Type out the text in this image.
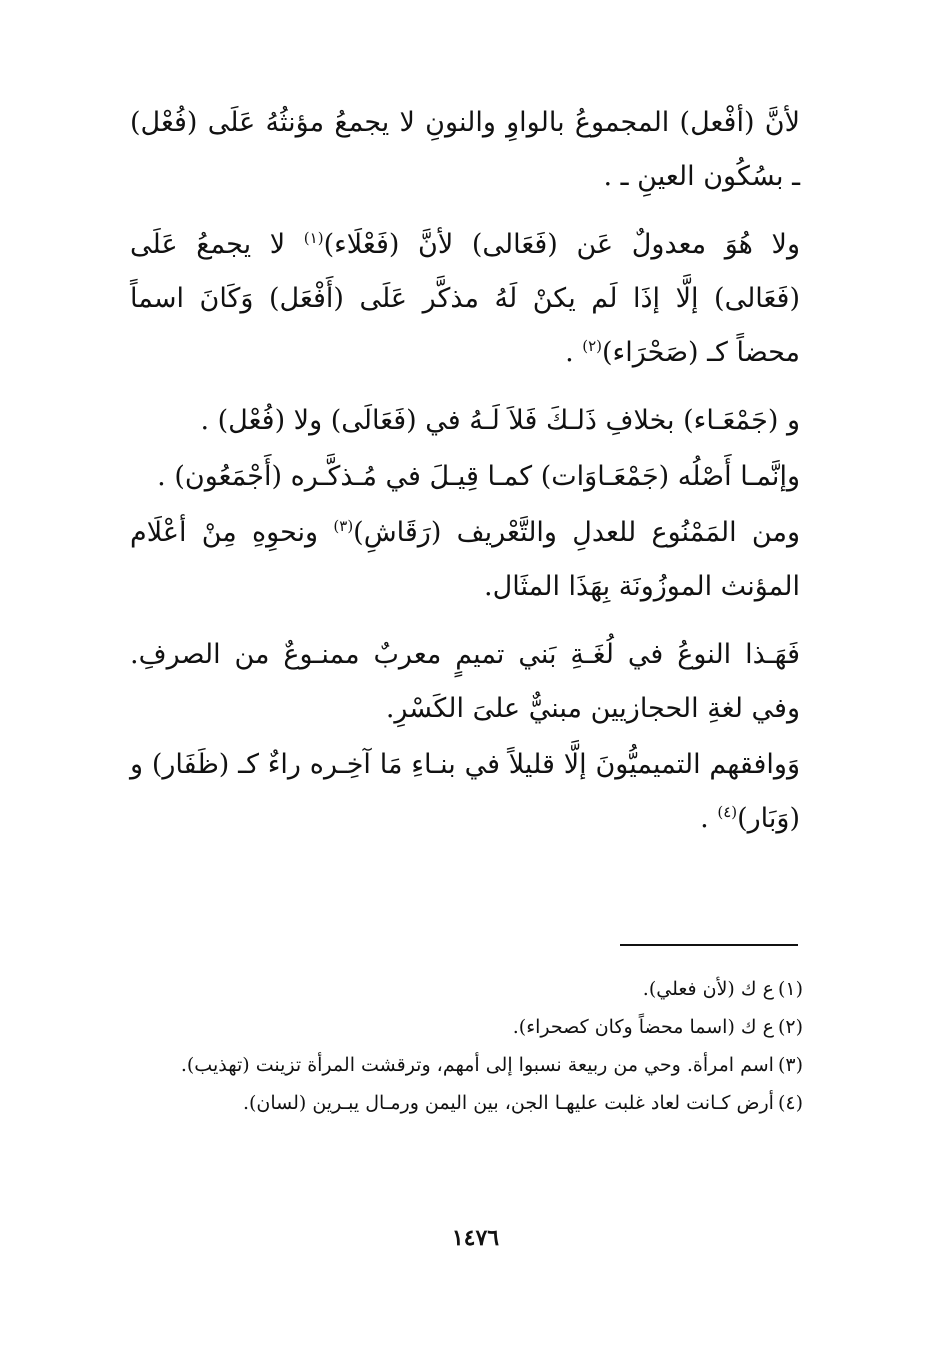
لأنَّ (أفْعل) المجموعُ بالواوِ والنونِ لا يجمعُ مؤنثُهُ عَلَى (فُعْل) ـ بسُكُون العينِ ـ .

ولا هُوَ معدولٌ عَن (فَعَالى) لأنَّ (فَعْلَاء)$^{(١)}$ لا يجمعُ عَلَى (فَعَالى) إلَّا إذَا لَم يكنْ لَهُ مذكَّر عَلَى (أَفْعَل) وَكَانَ اسماً محضاً كـ (صَحْرَاء)$^{(٢)}$ .

و (جَمْعَـاء) بخلافِ ذَلـكَ فَلاَ لَـهُ في (فَعَالَى) ولا (فُعْل) .

وإنَّمـا أَصْلُه (جَمْعَـاوَات) كمـا قِيـلَ في مُـذكَّـره (أَجْمَعُون) .

ومن المَمْنُوع للعدلِ والتَّعْريف (رَقَاشِ)$^{(٣)}$ ونحوِهِ مِنْ أعْلَام المؤنث الموزُونَة بِهَذَا المثَال.

فَهَـذا النوعُ في لُغَـةِ بَني تميمٍ معربٌ ممنـوعٌ من الصرفِ. وفي لغةِ الحجازيين مبنيٌّ علىَ الكَسْرِ.

وَوافقهم التميميُّونَ إلَّا قليلاً في بنـاءِ مَا آخِـره راءٌ كـ (ظَفَار) و (وَبَار)$^{(٤)}$ .

(١)ع ك (لأن فعلي).

(٢)ع ك (اسما محضاً وكان كصحراء).

(٣)اسم امرأة. وحي من ربيعة نسبوا إلى أمهم، وترقشت المرأة تزينت (تهذيب).

(٤)أرض كـانت لعاد غلبت عليهـا الجن، بين اليمن ورمـال يبـرين (لسان).

١٤٧٦
